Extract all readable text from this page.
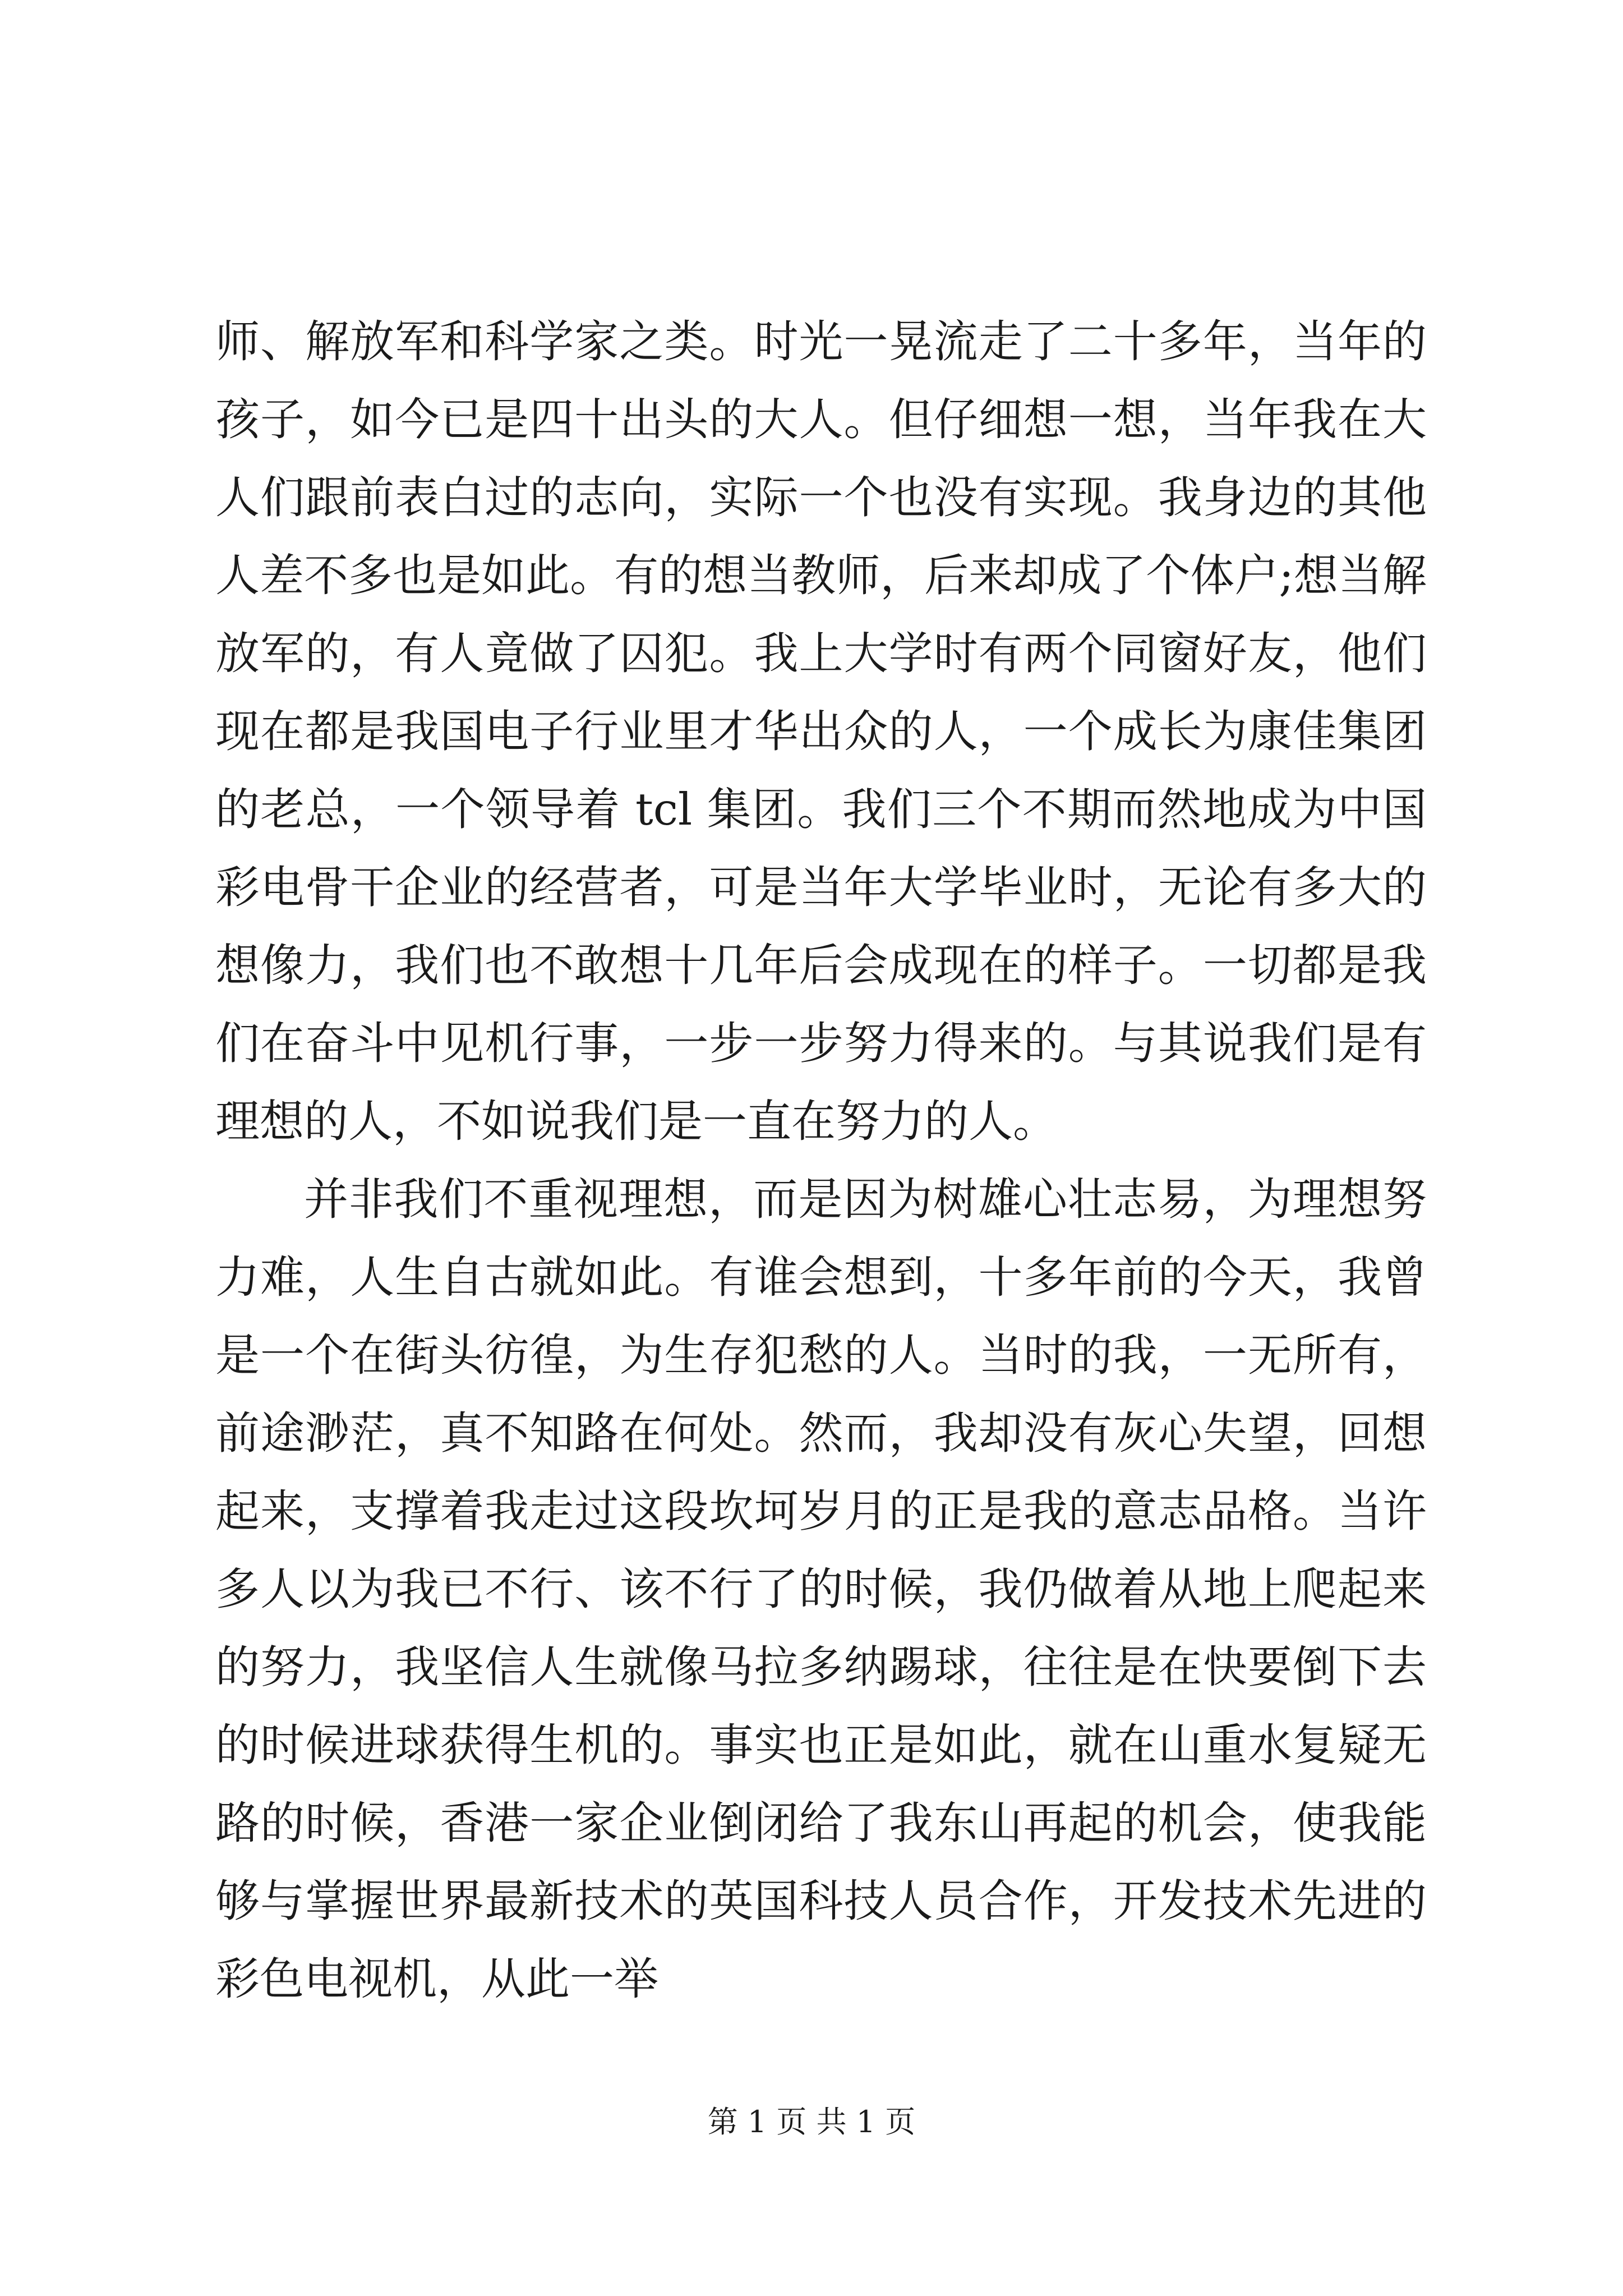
师、解放军和科学家之类。时光一晃流走了二十多年，当年的孩子，如今已是四十出头的大人。但仔细想一想，当年我在大人们跟前表白过的志向，实际一个也没有实现。我身边的其他人差不多也是如此。有的想当教师，后来却成了个体户;想当解放军的，有人竟做了囚犯。我上大学时有两个同窗好友，他们现在都是我国电子行业里才华出众的人，一个成长为康佳集团的老总，一个领导着 tcl 集团。我们三个不期而然地成为中国彩电骨干企业的经营者，可是当年大学毕业时，无论有多大的想像力，我们也不敢想十几年后会成现在的样子。一切都是我们在奋斗中见机行事，一步一步努力得来的。与其说我们是有理想的人，不如说我们是一直在努力的人。

并非我们不重视理想，而是因为树雄心壮志易，为理想努力难，人生自古就如此。有谁会想到，十多年前的今天，我曾是一个在街头彷徨，为生存犯愁的人。当时的我，一无所有，前途渺茫，真不知路在何处。然而，我却没有灰心失望，回想起来，支撑着我走过这段坎坷岁月的正是我的意志品格。当许多人以为我已不行、该不行了的时候，我仍做着从地上爬起来的努力，我坚信人生就像马拉多纳踢球，往往是在快要倒下去的时候进球获得生机的。事实也正是如此，就在山重水复疑无路的时候，香港一家企业倒闭给了我东山再起的机会，使我能够与掌握世界最新技术的英国科技人员合作，开发技术先进的彩色电视机，从此一举

第 1 页 共 1 页
